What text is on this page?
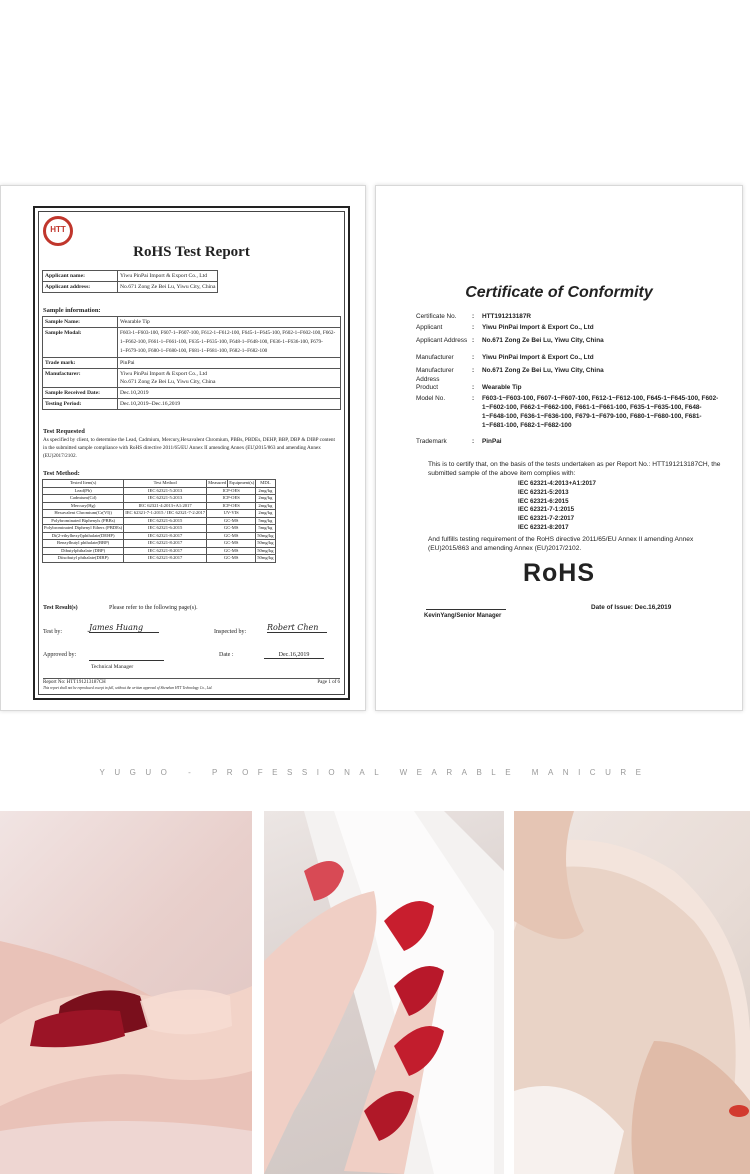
HTT
RoHS Test Report
Applicant name:	Yiwu PinPai Import & Export Co., Ltd
Applicant address:	No.671 Zong Ze Bei Lu, Yiwu City, China
Sample information:
Sample Name:	Wearable Tip
Sample Modal:	F603-1~F603-100, F607-1~F607-100, F612-1~F612-100, F645-1~F645-100, F602-1~F602-100, F662-1~F662-100, F661-1~F661-100, F635-1~F635-100, F648-1~F648-100, F636-1~F636-100, F679-1~F679-100, F680-1~F680-100, F681-1~F681-100, F682-1~F682-100
Trade mark:	PinPai
Manufacturer:	Yiwu PinPai Import & Export Co., Ltd
No.671 Zong Ze Bei Lu, Yiwu City, China

Sample Received Date:	Dec.10,2019
Testing Period:	Dec.10,2019~Dec.16,2019
Test Requested
As specified by client, to determine the Lead, Cadmium, Mercury,Hexavalent Chromium, PBBs, PBDEs, DEHP, BBP, DBP & DIBP content in the submitted sample compliance with RoHS directive 2011/65/EU Annex II amending Annex (EU)2015/863 and amending Annex (EU)2017/2102.
Test Method:
Tested Item(s)	Test Method	Measured	Equipment(s)	MDL
Lead(Pb)	IEC 62321-5:2013	ICP-OES		2mg/kg
Cadmium(Cd)	IEC 62321-5:2013	ICP-OES		2mg/kg
Mercury(Hg)	IEC 62321-4:2013+A1:2017	ICP-OES		2mg/kg
Hexavalent Chromium(Cr(VI))	IEC 62321-7-1:2015 / IEC 62321-7-2:2017	UV-VIS		2mg/kg
Polybrominated Biphenyls (PBBs)	IEC 62321-6:2015	GC-MS		5mg/kg
Polybrominated Diphenyl Ethers (PBDEs)	IEC 62321-6:2015	GC-MS		5mg/kg
Di(2-ethylhexyl)phthalate(DEHP)	IEC 62321-8:2017	GC-MS		50mg/kg
Benzylbutyl phthalate(BBP)	IEC 62321-8:2017	GC-MS		50mg/kg
Dibutylphthalate (DBP)	IEC 62321-8:2017	GC-MS		50mg/kg
Diisobutyl phthalate(DIBP)	IEC 62321-8:2017	GC-MS		50mg/kg
Test Result(s)	Please refer to the following page(s).
Test by:	James Huang	Inspected by:	Robert Chen
Approved by:
Technical Manager
Date :	Dec.16,2019
Report No: HTT191213187CH	Page 1 of 6
This report shall not be reproduced except in full, without the written approval of Shenzhen HTT Technology Co., Ltd.
Certificate of Conformity
Certificate No. : HTT191213187R
Applicant	: Yiwu PinPai Import & Export Co., Ltd
Applicant Address : No.671 Zong Ze Bei Lu, Yiwu City, China
Manufacturer	: Yiwu PinPai Import & Export Co., Ltd
Manufacturer Address: No.671 Zong Ze Bei Lu, Yiwu City, China
Product	: Wearable Tip
Model No.	: F603-1~F603-100, F607-1~F607-100, F612-1~F612-100, F645-1~F645-100, F602-1~F602-100, F662-1~F662-100, F661-1~F661-100, F635-1~F635-100, F648-1~F648-100, F636-1~F636-100, F679-1~F679-100, F680-1~F680-100, F681-1~F681-100, F682-1~F682-100
Trademark	: PinPai
This is to certify that, on the basis of the tests undertaken as per Report No.: HTT191213187CH, the submitted sample of the above item complies with:
IEC 62321-4:2013+A1:2017
IEC 62321-5:2013
IEC 62321-6:2015
IEC 62321-7-1:2015
IEC 62321-7-2:2017
IEC 62321-8:2017
And fulfills testing requirement of the RoHS directive 2011/65/EU Annex II amending Annex (EU)2015/863 and amending Annex (EU)2017/2102.
RoHS
KevinYang/Senior Manager
Date of Issue: Dec.16,2019
YUGUO - PROFESSIONAL WEARABLE MANICURE
